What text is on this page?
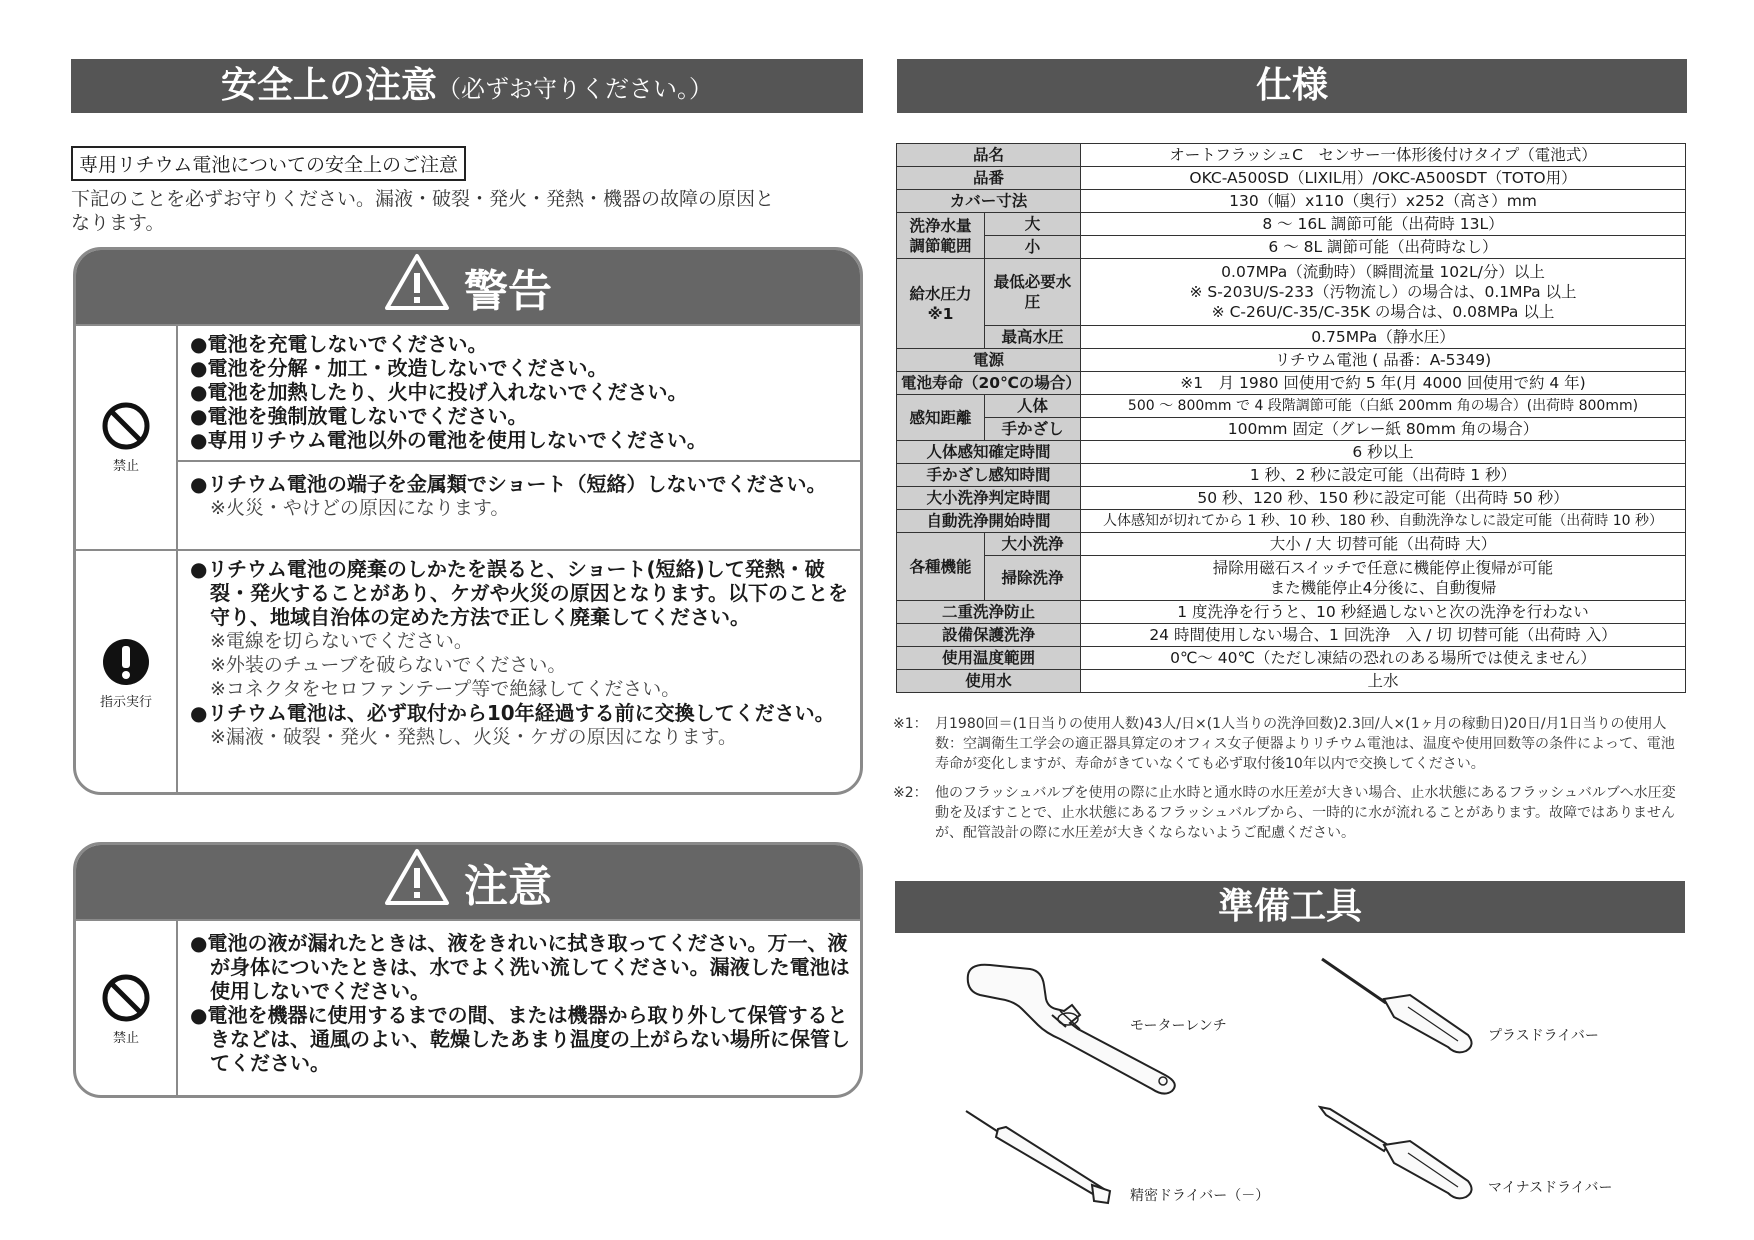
安全上の注意（必ずお守りください。）
専用リチウム電池についての安全上のご注意
下記のことを必ずお守りください。漏液・破裂・発火・発熱・機器の故障の原因と
なります。
警告
禁止
●電池を充電しないでください。
●電池を分解・加工・改造しないでください。
●電池を加熱したり、火中に投げ入れないでください。
●電池を強制放電しないでください。
●専用リチウム電池以外の電池を使用しないでください。
●リチウム電池の端子を金属類でショート（短絡）しないでください。
※火災・やけどの原因になります。
指示実行
●リチウム電池の廃棄のしかたを誤ると、ショート(短絡)して発熱・破裂・発火することがあり、ケガや火災の原因となります。以下のことを守り、地域自治体の定めた方法で正しく廃棄してください。
※電線を切らないでください。
※外装のチューブを破らないでください。
※コネクタをセロファンテープ等で絶縁してください。
●リチウム電池は、必ず取付から10年経過する前に交換してください。
※漏液・破裂・発火・発熱し、火災・ケガの原因になります。
注意
禁止
●電池の液が漏れたときは、液をきれいに拭き取ってください。万一、液が身体についたときは、水でよく洗い流してください。漏液した電池は使用しないでください。
●電池を機器に使用するまでの間、または機器から取り外して保管するときなどは、通風のよい、乾燥したあまり温度の上がらない場所に保管してください。
仕様
品名		オートフラッシュC　センサー一体形後付けタイプ（電池式）
品番		OKC-A500SD（LIXIL用）/OKC-A500SDT（TOTO用）
カバー寸法		130（幅）x110（奥行）x252（高さ）mm
洗浄水量
調節範囲	大	8 ～ 16L 調節可能（出荷時 13L）
	小	6 ～ 8L 調節可能（出荷時なし）
給水圧力
※1	最低必要水圧	0.07MPa（流動時）（瞬間流量 102L/分）以上
※ S-203U/S-233（汚物流し）の場合は、0.1MPa 以上
※ C-26U/C-35/C-35K の場合は、0.08MPa 以上
	最高水圧	0.75MPa（静水圧）
電源		リチウム電池 ( 品番：A-5349)
電池寿命（20℃の場合）		※1　月 1980 回使用で約 5 年(月 4000 回使用で約 4 年)
感知距離	人体	500 ～ 800mm で 4 段階調節可能（白紙 200mm 角の場合）(出荷時 800mm)
	手かざし	100mm 固定（グレー紙 80mm 角の場合）
人体感知確定時間		6 秒以上
手かざし感知時間		1 秒、2 秒に設定可能（出荷時 1 秒）
大小洗浄判定時間		50 秒、120 秒、150 秒に設定可能（出荷時 50 秒）
自動洗浄開始時間		人体感知が切れてから 1 秒、10 秒、180 秒、自動洗浄なしに設定可能（出荷時 10 秒）
各種機能	大小洗浄	大小 / 大 切替可能（出荷時 大）
	掃除洗浄	掃除用磁石スイッチで任意に機能停止復帰が可能
また機能停止4分後に、自動復帰
二重洗浄防止		1 度洗浄を行うと、10 秒経過しないと次の洗浄を行わない
設備保護洗浄		24 時間使用しない場合、1 回洗浄　入 / 切 切替可能（出荷時 入）
使用温度範囲		0℃～ 40℃（ただし凍結の恐れのある場所では使えません）
使用水		上水
※1： 月1980回＝(1日当りの使用人数)43人/日×(1人当りの洗浄回数)2.3回/人×(1ヶ月の稼動日)20日/月1日当りの使用人数：空調衛生工学会の適正器具算定のオフィス女子便器よりリチウム電池は、温度や使用回数等の条件によって、電池寿命が変化しますが、寿命がきていなくても必ず取付後10年以内で交換してください。
※2： 他のフラッシュバルブを使用の際に止水時と通水時の水圧差が大きい場合、止水状態にあるフラッシュバルブへ水圧変動を及ぼすことで、止水状態にあるフラッシュバルブから、一時的に水が流れることがあります。故障ではありませんが、配管設計の際に水圧差が大きくならないようご配慮ください。
準備工具
モーターレンチ
プラスドライバー
精密ドライバー（－）	マイナスドライバー
